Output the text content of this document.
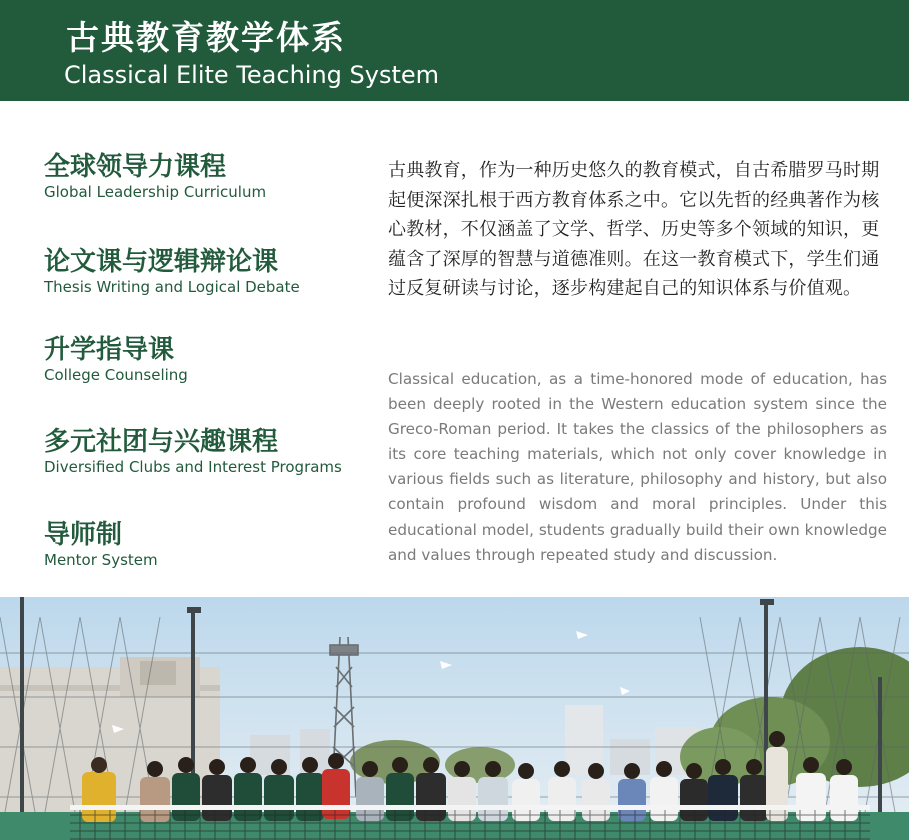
古典教育教学体系
Classical Elite Teaching System
全球领导力课程
Global Leadership Curriculum
论文课与逻辑辩论课
Thesis Writing and Logical Debate
升学指导课
College Counseling
多元社团与兴趣课程
Diversified Clubs and Interest Programs
导师制
Mentor System
古典教育，作为一种历史悠久的教育模式，自古希腊罗马时期起便深深扎根于西方教育体系之中。它以先哲的经典著作为核心教材，不仅涵盖了文学、哲学、历史等多个领域的知识，更蕴含了深厚的智慧与道德准则。在这一教育模式下，学生们通过反复研读与讨论，逐步构建起自己的知识体系与价值观。
Classical education, as a time-honored mode of education, has been deeply rooted in the Western education system since the Greco-Roman period. It takes the classics of the philosophers as its core teaching materials, which not only cover knowledge in various fields such as literature, philosophy and history, but also contain profound wisdom and moral principles. Under this educational model, students gradually build their own knowledge and values through repeated study and discussion.
